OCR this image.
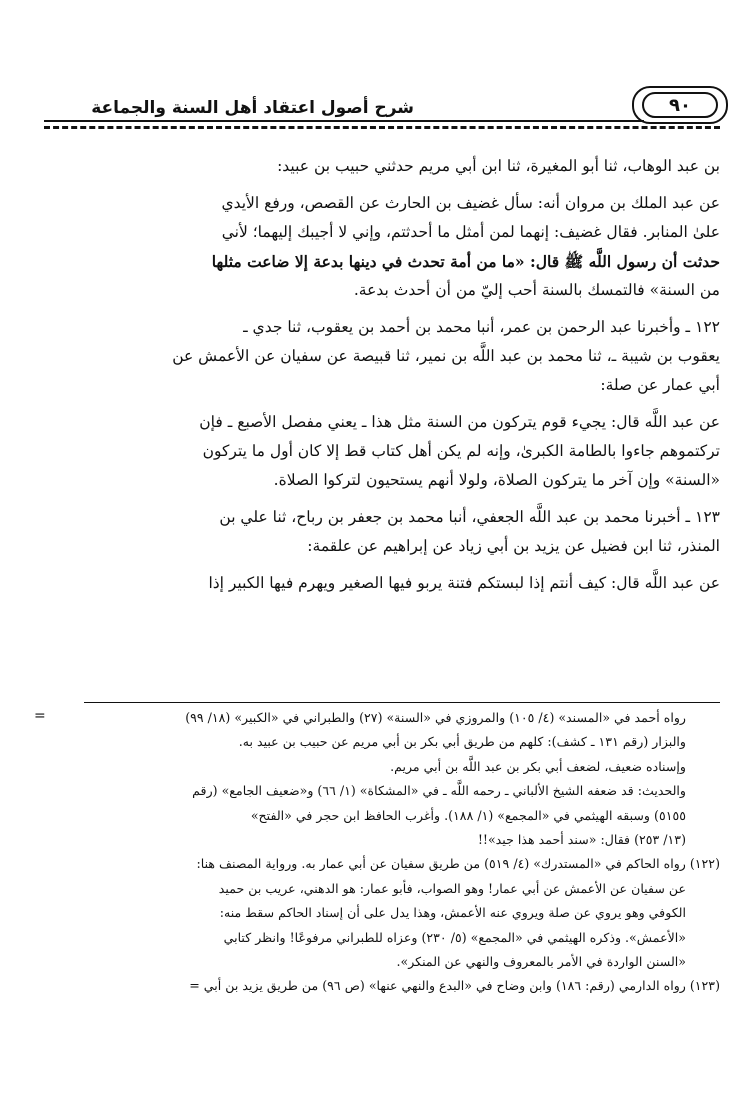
شرح أصول اعتقاد أهل السنة والجماعة	٩٠
بن عبد الوهاب، ثنا أبو المغيرة، ثنا ابن أبي مريم حدثني حبيب بن عبيد:
عن عبد الملك بن مروان أنه: سأل غضيف بن الحارث عن القصص، ورفع الأيدي
علىٰ المنابر. فقال غضيف: إنهما لمن أمثل ما أحدثتم، وإني لا أجيبك إليهما؛ لأني
حدثت أن رسول اللَّه ﷺ قال: «ما من أمة تحدث في دينها بدعة إلا ضاعت مثلها
من السنة» فالتمسك بالسنة أحب إليّ من أن أحدث بدعة.
١٢٢ ـ وأخبرنا عبد الرحمن بن عمر، أنبا محمد بن أحمد بن يعقوب، ثنا جدي ـ
يعقوب بن شيبة ـ، ثنا محمد بن عبد اللَّه بن نمير، ثنا قبيصة عن سفيان عن الأعمش عن
أبي عمار عن صلة:
عن عبد اللَّه قال: يجيء قوم يتركون من السنة مثل هذا ـ يعني مفصل الأصبع ـ فإن
تركتموهم جاءوا بالطامة الكبرىٰ، وإنه لم يكن أهل كتاب قط إلا كان أول ما يتركون
«السنة» وإن آخر ما يتركون الصلاة، ولولا أنهم يستحيون لتركوا الصلاة.
١٢٣ ـ أخبرنا محمد بن عبد اللَّه الجعفي، أنبا محمد بن جعفر بن رباح، ثنا علي بن
المنذر، ثنا ابن فضيل عن يزيد بن أبي زياد عن إبراهيم عن علقمة:
عن عبد اللَّه قال: كيف أنتم إذا لبستكم فتنة يربو فيها الصغير ويهرم فيها الكبير إذا
=	رواه أحمد في «المسند» (٤/ ١٠٥) والمروزي في «السنة» (٢٧) والطبراني في «الكبير» (١٨/ ٩٩)
والبزار (رقم ١٣١ ـ كشف): كلهم من طريق أبي بكر بن أبي مريم عن حبيب بن عبيد به.
وإسناده ضعيف، لضعف أبي بكر بن عبد اللَّه بن أبي مريم.
والحديث: قد ضعفه الشيخ الألباني ـ رحمه اللَّه ـ في «المشكاة» (١/ ٦٦) و«ضعيف الجامع» (رقم
٥١٥٥) وسبقه الهيثمي في «المجمع» (١/ ١٨٨). وأغرب الحافظ ابن حجر في «الفتح»
(١٣/ ٢٥٣) فقال: «سند أحمد هذا جيد»!!
(١٢٢) رواه الحاكم في «المستدرك» (٤/ ٥١٩) من طريق سفيان عن أبي عمار به. ورواية المصنف هنا:
عن سفيان عن الأعمش عن أبي عمار! وهو الصواب، فأبو عمار: هو الدهني، عريب بن حميد
الكوفي وهو يروي عن صلة ويروي عنه الأعمش، وهذا يدل على أن إسناد الحاكم سقط منه:
«الأعمش». وذكره الهيثمي في «المجمع» (٥/ ٢٣٠) وعزاه للطبراني مرفوعًا! وانظر كتابي
«السنن الواردة في الأمر بالمعروف والنهي عن المنكر».
(١٢٣) رواه الدارمي (رقم: ١٨٦) وابن وضاح في «البدع والنهي عنها» (ص ٩٦) من طريق يزيد بن أبي =
